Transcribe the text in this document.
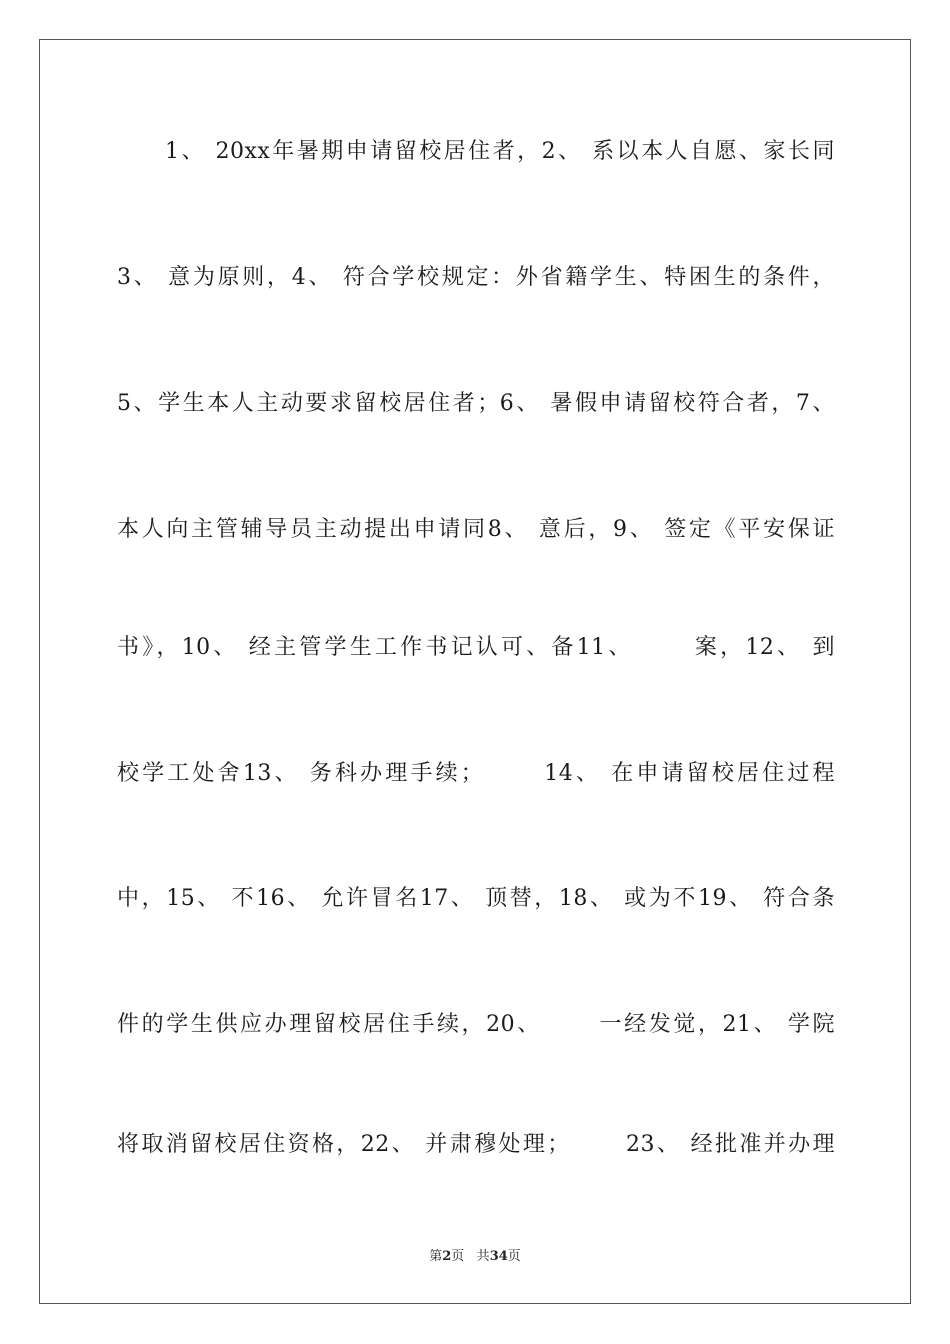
1、 20xx年暑期申请留校居住者，2、 系以本人自愿、家长同
3、 意为原则，4、 符合学校规定：外省籍学生、特困生的条件，
5、学生本人主动要求留校居住者；6、 暑假申请留校符合者，7、
本人向主管辅导员主动提出申请同8、 意后，9、 签定《平安保证
书》，10、 经主管学生工作书记认可、备11、      案，12、 到
校学工处舍13、 务科办理手续；      14、 在申请留校居住过程
中，15、 不16、 允许冒名17、 顶替，18、 或为不19、 符合条
件的学生供应办理留校居住手续，20、      一经发觉，21、 学院
将取消留校居住资格，22、 并肃穆处理；      23、 经批准并办理
第2页 共34页
